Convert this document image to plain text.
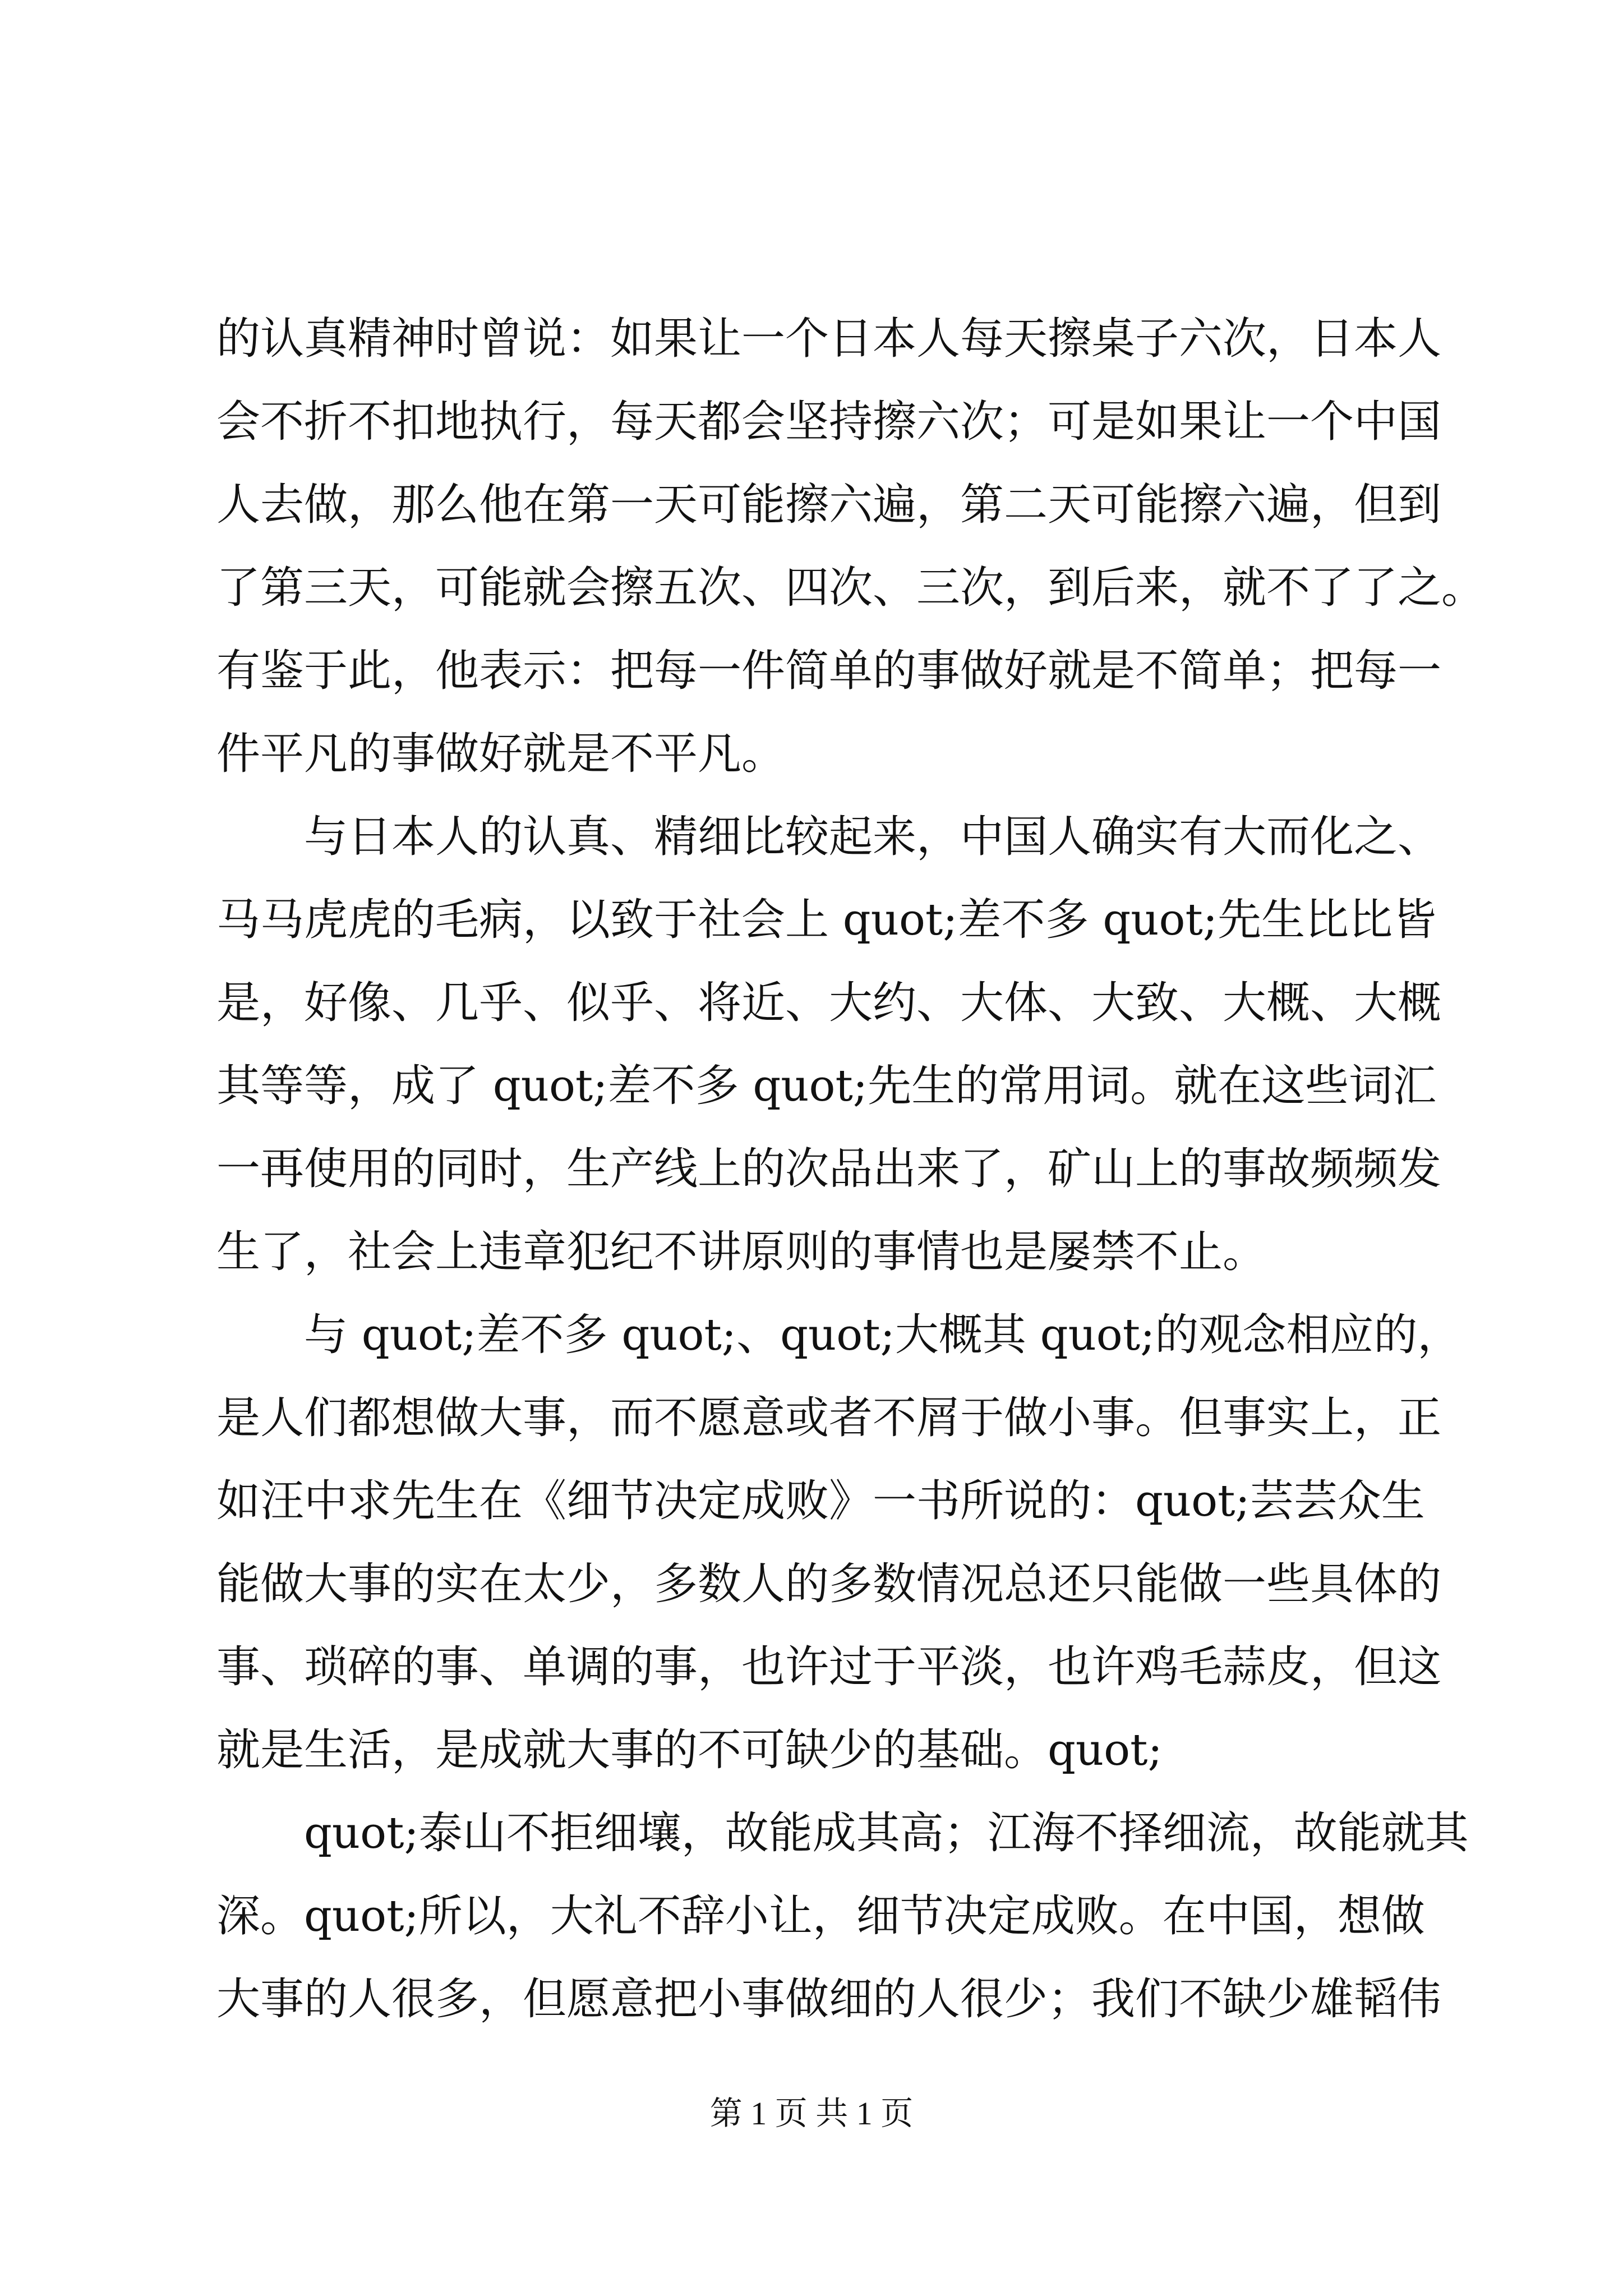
的认真精神时曾说：如果让一个日本人每天擦桌子六次，日本人
会不折不扣地执行，每天都会坚持擦六次；可是如果让一个中国
人去做，那么他在第一天可能擦六遍，第二天可能擦六遍，但到
了第三天，可能就会擦五次、四次、三次，到后来，就不了了之。
有鉴于此，他表示：把每一件简单的事做好就是不简单；把每一
件平凡的事做好就是不平凡。
　　与日本人的认真、精细比较起来，中国人确实有大而化之、
马马虎虎的毛病，以致于社会上 quot;差不多 quot;先生比比皆
是，好像、几乎、似乎、将近、大约、大体、大致、大概、大概
其等等，成了 quot;差不多 quot;先生的常用词。就在这些词汇
一再使用的同时，生产线上的次品出来了，矿山上的事故频频发
生了，社会上违章犯纪不讲原则的事情也是屡禁不止。
　　与 quot;差不多 quot;、quot;大概其 quot;的观念相应的，
是人们都想做大事，而不愿意或者不屑于做小事。但事实上，正
如汪中求先生在《细节决定成败》一书所说的：quot;芸芸众生
能做大事的实在太少，多数人的多数情况总还只能做一些具体的
事、琐碎的事、单调的事，也许过于平淡，也许鸡毛蒜皮，但这
就是生活，是成就大事的不可缺少的基础。quot;
　　quot;泰山不拒细壤，故能成其高；江海不择细流，故能就其
深。quot;所以，大礼不辞小让，细节决定成败。在中国，想做
大事的人很多，但愿意把小事做细的人很少；我们不缺少雄韬伟
第 1 页 共 1 页
